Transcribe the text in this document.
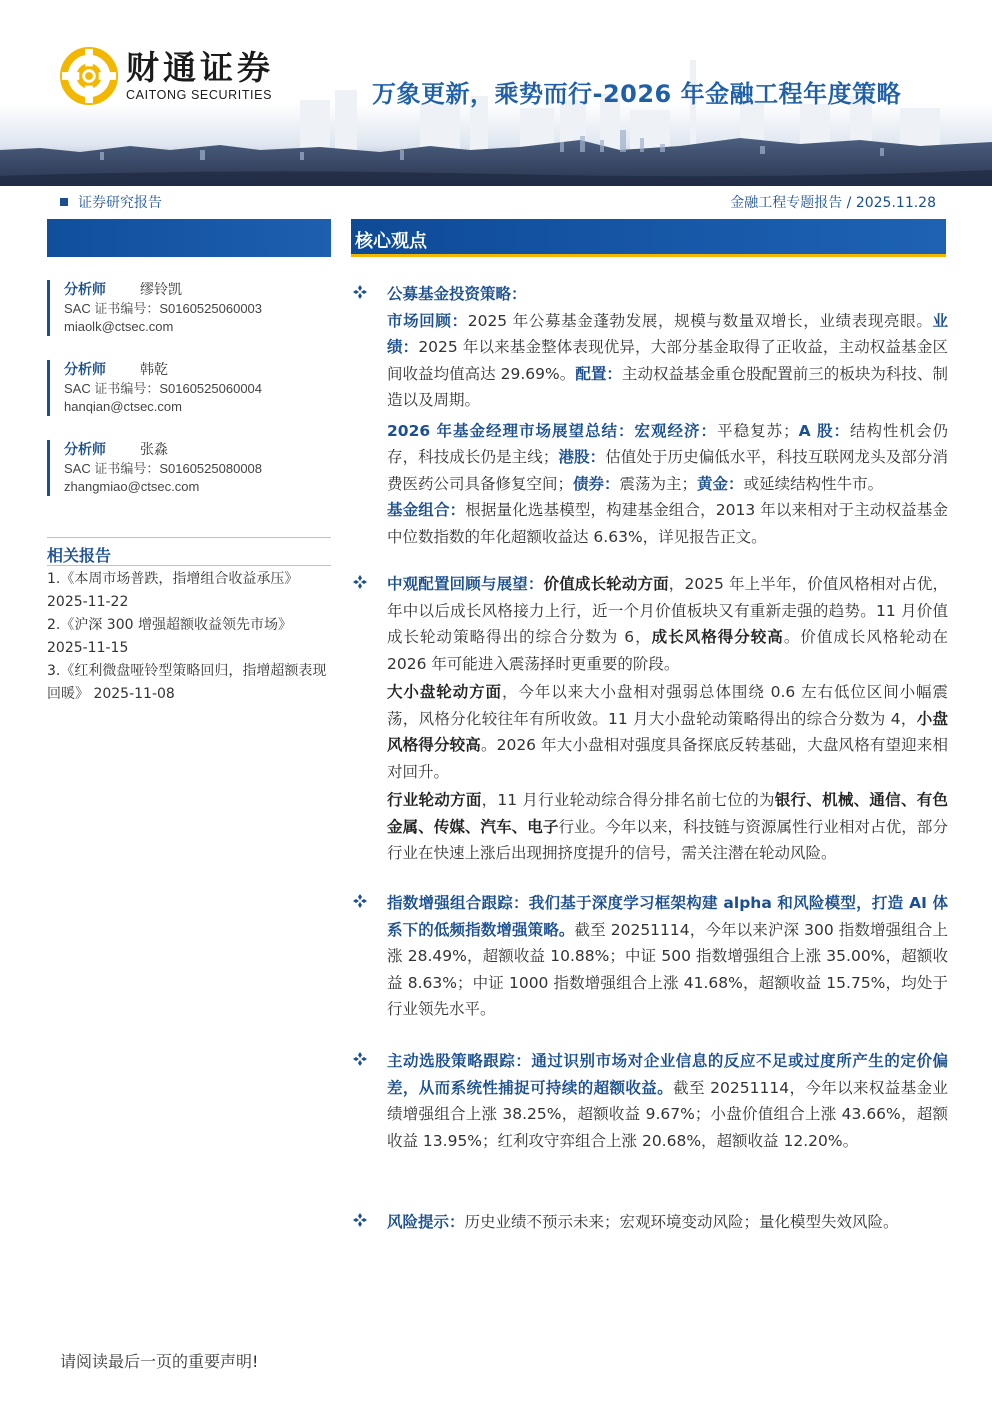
财通证券
CAITONG SECURITIES	万象更新，乘势而行-2026 年金融工程年度策略
证券研究报告	金融工程专题报告 / 2025.11.28
分析师 缪铃凯
SAC 证书编号：S0160525060003
miaolk@ctsec.com
分析师 韩乾
SAC 证书编号：S0160525060004
hanqian@ctsec.com
分析师 张淼
SAC 证书编号：S0160525080008
zhangmiao@ctsec.com
相关报告
1.《本周市场普跌，指增组合收益承压》 2025-11-22
2.《沪深 300 增强超额收益领先市场》 2025-11-15
3.《红利微盘哑铃型策略回归，指增超额表现回暖》 2025-11-08
核心观点
公募基金投资策略：
市场回顾：2025 年公募基金蓬勃发展，规模与数量双增长，业绩表现亮眼。业绩：2025 年以来基金整体表现优异，大部分基金取得了正收益，主动权益基金区间收益均值高达 29.69%。配置：主动权益基金重仓股配置前三的板块为科技、制造以及周期。
2026 年基金经理市场展望总结：宏观经济：平稳复苏；A 股：结构性机会仍存，科技成长仍是主线；港股：估值处于历史偏低水平，科技互联网龙头及部分消费医药公司具备修复空间；债券：震荡为主；黄金：或延续结构性牛市。
基金组合：根据量化选基模型，构建基金组合，2013 年以来相对于主动权益基金中位数指数的年化超额收益达 6.63%，详见报告正文。
中观配置回顾与展望：价值成长轮动方面，2025 年上半年，价值风格相对占优，年中以后成长风格接力上行，近一个月价值板块又有重新走强的趋势。11 月价值成长轮动策略得出的综合分数为 6，成长风格得分较高。价值成长风格轮动在 2026 年可能进入震荡择时更重要的阶段。
大小盘轮动方面，今年以来大小盘相对强弱总体围绕 0.6 左右低位区间小幅震荡，风格分化较往年有所收敛。11 月大小盘轮动策略得出的综合分数为 4，小盘风格得分较高。2026 年大小盘相对强度具备探底反转基础，大盘风格有望迎来相对回升。
行业轮动方面，11 月行业轮动综合得分排名前七位的为银行、机械、通信、有色金属、传媒、汽车、电子行业。今年以来，科技链与资源属性行业相对占优，部分行业在快速上涨后出现拥挤度提升的信号，需关注潜在轮动风险。
指数增强组合跟踪：我们基于深度学习框架构建 alpha 和风险模型，打造 AI 体系下的低频指数增强策略。截至 20251114，今年以来沪深 300 指数增强组合上涨 28.49%，超额收益 10.88%；中证 500 指数增强组合上涨 35.00%，超额收益 8.63%；中证 1000 指数增强组合上涨 41.68%，超额收益 15.75%，均处于行业领先水平。
主动选股策略跟踪：通过识别市场对企业信息的反应不足或过度所产生的定价偏差，从而系统性捕捉可持续的超额收益。截至 20251114，今年以来权益基金业绩增强组合上涨 38.25%，超额收益 9.67%；小盘价值组合上涨 43.66%，超额收益 13.95%；红利攻守弈组合上涨 20.68%，超额收益 12.20%。
风险提示：历史业绩不预示未来；宏观环境变动风险；量化模型失效风险。
请阅读最后一页的重要声明!
